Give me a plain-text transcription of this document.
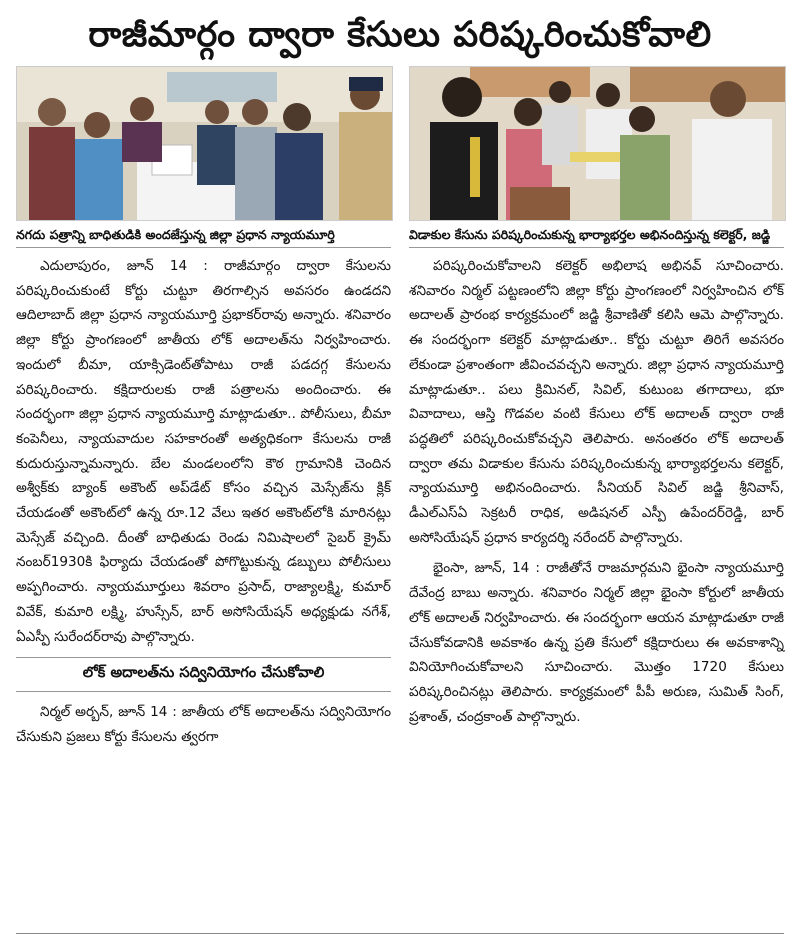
రాజీమార్గం ద్వారా కేసులు పరిష్కరించుకోవాలి
నగదు పత్రాన్ని బాధితుడికి అందజేస్తున్న జిల్లా ప్రధాన న్యాయమూర్తి

ఎదులాపురం, జూన్ 14 : రాజీమార్గం ద్వారా కేసులను పరిష్కరించుకుంటే కోర్టు చుట్టూ తిరగాల్సిన అవసరం ఉండదని ఆదిలాబాద్ జిల్లా ప్రధాన న్యాయమూర్తి ప్రభాకర్‌రావు అన్నారు. శనివారం జిల్లా కోర్టు ప్రాంగణంలో జాతీయ లోక్ అదాలత్‌ను నిర్వహించారు. ఇందులో బీమా, యాక్సిడెంట్‌తోపాటు రాజీ పడదగ్గ కేసులను పరిష్కరించారు. కక్షిదారులకు రాజీ పత్రాలను అందించారు. ఈ సందర్భంగా జిల్లా ప్రధాన న్యాయమూర్తి మాట్లాడుతూ.. పోలీసులు, బీమా కంపెనీలు, న్యాయవాదుల సహకారంతో అత్యధికంగా కేసులను రాజీ కుదురుస్తున్నామన్నారు. బేల మండలంలోని కౌఠ గ్రామానికి చెందిన అశ్వీక్‌కు బ్యాంక్ అకౌంట్ అప్‌డేట్ కోసం వచ్చిన మెస్సేజ్‌ను క్లిక్ చేయడంతో అకౌంట్‌లో ఉన్న రూ.12 వేలు ఇతర అకౌంట్‌లోకి మారినట్లు మెస్సేజ్ వచ్చింది. దీంతో బాధితుడు రెండు నిమిషాలలో సైబర్ క్రైమ్ నంబర్1930కి ఫిర్యాదు చేయడంతో పోగొట్టుకున్న డబ్బులు పోలీసులు అప్పగించారు. న్యాయమూర్తులు శివరాం ప్రసాద్, రాజ్యాలక్ష్మి, కుమార్ వివేక్, కుమారి లక్ష్మి, హుస్సేన్, బార్ అసోసియేషన్ అధ్యక్షుడు నగేశ్, ఏఎస్పీ సురేందర్‌రావు పాల్గొన్నారు.

లోక్ అదాలత్‌ను సద్వినియోగం చేసుకోవాలి

నిర్మల్ అర్బన్, జూన్ 14 : జాతీయ లోక్ అదాలత్‌ను సద్వినియోగం చేసుకుని ప్రజలు కోర్టు కేసులను త్వరగా

విడాకుల కేసును పరిష్కరించుకున్న భార్యాభర్తల అభినందిస్తున్న కలెక్టర్, జడ్జి

పరిష్కరించుకోవాలని కలెక్టర్ అభిలాష అభినవ్ సూచించారు. శనివారం నిర్మల్ పట్టణంలోని జిల్లా కోర్టు ప్రాంగణంలో నిర్వహించిన లోక్ అదాలత్ ప్రారంభ కార్యక్రమంలో జడ్జి శ్రీవాణితో కలిసి ఆమె పాల్గొన్నారు. ఈ సందర్భంగా కలెక్టర్ మాట్లాడుతూ.. కోర్టు చుట్టూ తిరిగే అవసరం లేకుండా ప్రశాంతంగా జీవించవచ్చని అన్నారు. జిల్లా ప్రధాన న్యాయమూర్తి మాట్లాడుతూ.. పలు క్రిమినల్, సివిల్, కుటుంబ తగాదాలు, భూ వివాదాలు, ఆస్తి గొడవల వంటి కేసులు లోక్ అదాలత్ ద్వారా రాజీ పద్ధతిలో పరిష్కరించుకోవచ్చని తెలిపారు. అనంతరం లోక్ అదాలత్ ద్వారా తమ విడాకుల కేసును పరిష్కరించుకున్న భార్యాభర్తలను కలెక్టర్, న్యాయమూర్తి అభినందించారు. సీనియర్ సివిల్ జడ్జి శ్రీనివాస్, డీఎల్‌ఎస్ఏ సెక్రటరీ రాధిక, అడిషనల్ ఎస్పీ ఉపేందర్‌రెడ్డి, బార్ అసోసియేషన్ ప్రధాన కార్యదర్శి నరేందర్ పాల్గొన్నారు.

భైంసా, జూన్, 14 : రాజీతోనే రాజమార్గమని భైంసా న్యాయమూర్తి దేవేంద్ర బాబు అన్నారు. శనివారం నిర్మల్ జిల్లా భైంసా కోర్టులో జాతీయ లోక్ అదాలత్ నిర్వహించారు. ఈ సందర్భంగా ఆయన మాట్లాడుతూ రాజీ చేసుకోవడానికి అవకాశం ఉన్న ప్రతి కేసులో కక్షిదారులు ఈ అవకాశాన్ని వినియోగించుకోవాలని సూచించారు. మొత్తం 1720 కేసులు పరిష్కరించినట్లు తెలిపారు. కార్యక్రమంలో పీపీ అరుణ, సుమిత్ సింగ్, ప్రశాంత్, చంద్రకాంత్ పాల్గొన్నారు.
